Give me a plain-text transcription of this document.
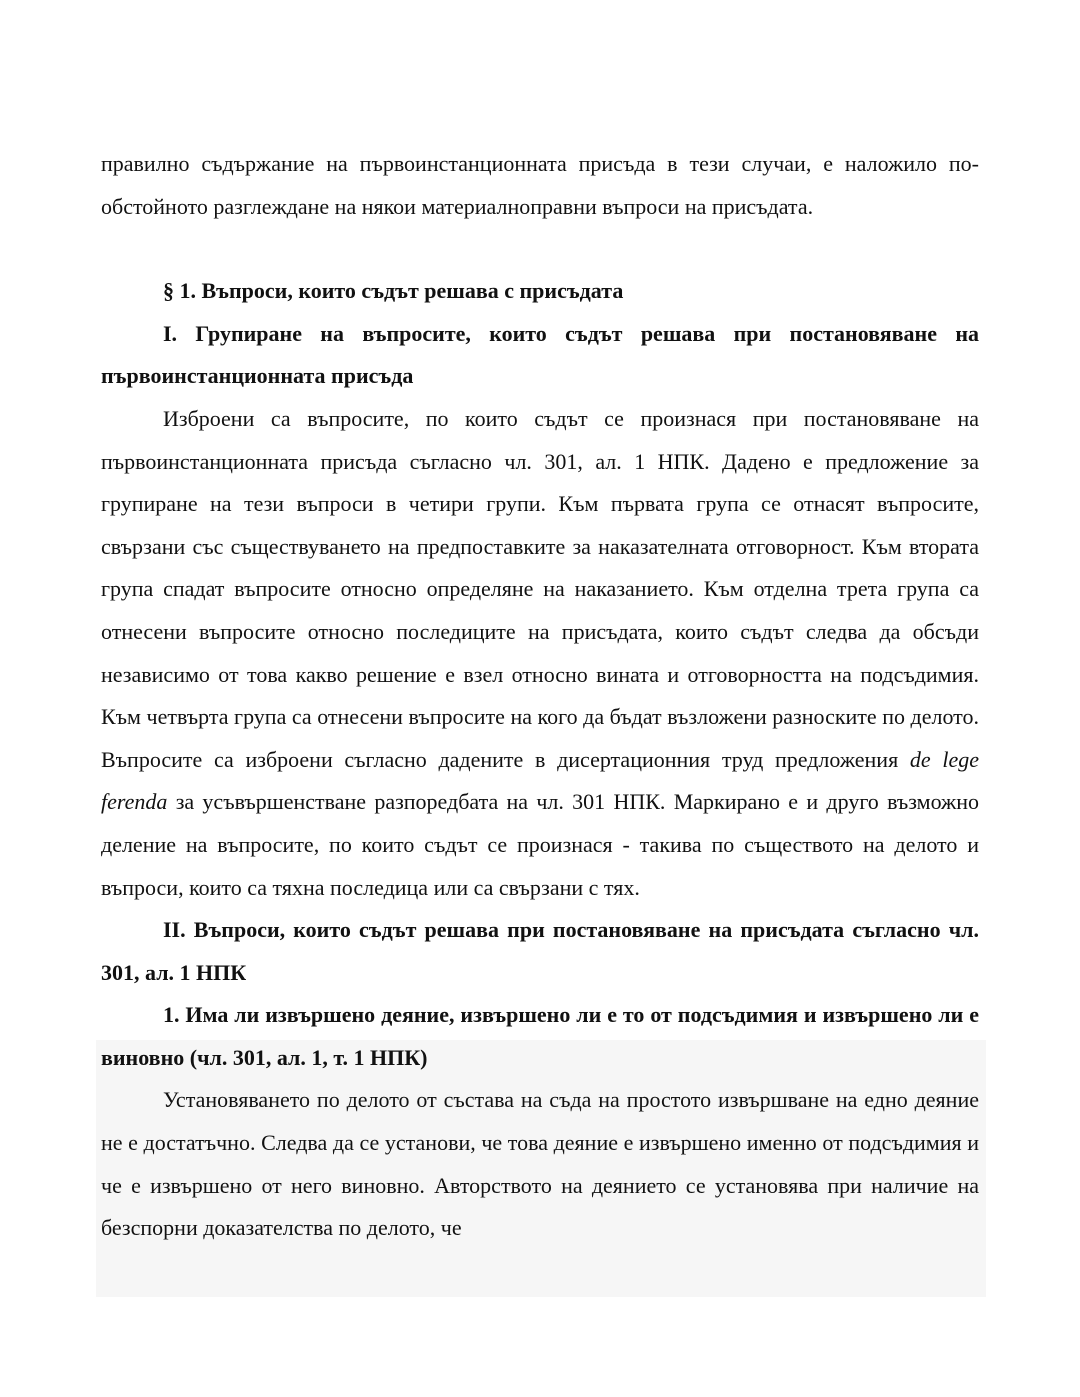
правилно съдържание на първоинстанционната присъда в тези случаи, е наложило по-обстойното разглеждане на някои материалноправни въпроси на присъдата.

§ 1. Въпроси, които съдът решава с присъдата

I. Групиране на въпросите, които съдът решава при постановяване на първоинстанционната присъда

Изброени са въпросите, по които съдът се произнася при постановяване на първоинстанционната присъда съгласно чл. 301, ал. 1 НПК. Дадено е предложение за групиране на тези въпроси в четири групи. Към първата група се отнасят въпросите, свързани със съществуването на предпоставките за наказателната отговорност. Към втората група спадат въпросите относно определяне на наказанието. Към отделна трета група са отнесени въпросите относно последиците на присъдата, които съдът следва да обсъди независимо от това какво решение е взел относно вината и отговорността на подсъдимия. Към четвърта група са отнесени въпросите на кого да бъдат възложени разноските по делото. Въпросите са изброени съгласно дадените в дисертационния труд предложения de lege ferenda за усъвършенстване разпоредбата на чл. 301 НПК. Маркирано е и друго възможно деление на въпросите, по които съдът се произнася - такива по съществото на делото и въпроси, които са тяхна последица или са свързани с тях.

II. Въпроси, които съдът решава при постановяване на присъдата съгласно чл. 301, ал. 1 НПК

1. Има ли извършено деяние, извършено ли е то от подсъдимия и извършено ли е виновно (чл. 301, ал. 1, т. 1 НПК)

Установяването по делото от състава на съда на простото извършване на едно деяние не е достатъчно. Следва да се установи, че това деяние е извършено именно от подсъдимия и че е извършено от него виновно. Авторството на деянието се установява при наличие на безспорни доказателства по делото, че
